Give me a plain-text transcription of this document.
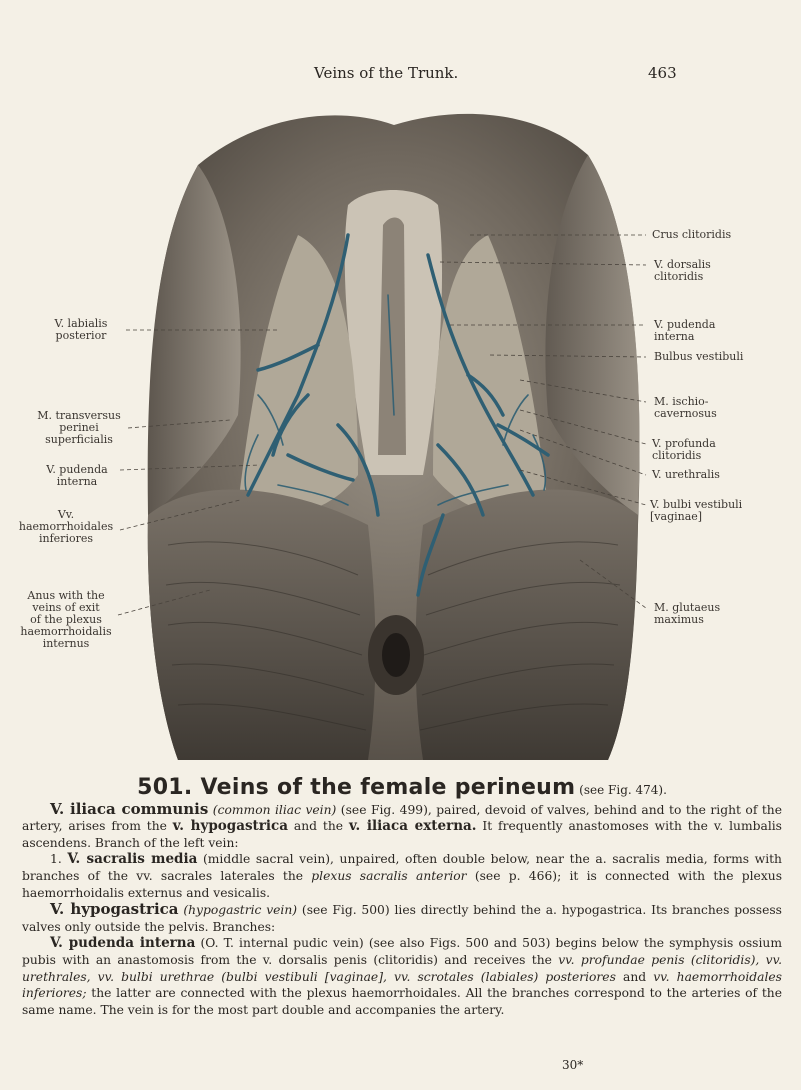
Veins of the Trunk.	463
Crus clitoridis
V. dorsalis
clitoridis
V. pudenda
interna
Bulbus vestibuli
M. ischio-
cavernosus
V. profunda
clitoridis
V. urethralis
V. bulbi vestibuli
[vaginae]
M. glutaeus
maximus
V. labialis
posterior
M. transversus
perinei
superficialis
V. pudenda
interna
Vv.
haemorrhoidales
inferiores
Anus with the
veins of exit
of the plexus
haemorrhoidalis
internus
501. Veins of the female perineum (see Fig. 474).

V. iliaca communis (common iliac vein) (see Fig. 499), paired, devoid of valves, behind and to the right of the artery, arises from the v. hypogastrica and the v. iliaca externa. It frequently anastomoses with the v. lumbalis ascendens. Branch of the left vein:

1. V. sacralis media (middle sacral vein), unpaired, often double below, near the a. sacralis media, forms with branches of the vv. sacrales laterales the plexus sacralis anterior (see p. 466); it is connected with the plexus haemorrhoidalis externus and vesicalis.

V. hypogastrica (hypogastric vein) (see Fig. 500) lies directly behind the a. hypogastrica. Its branches possess valves only outside the pelvis. Branches:

V. pudenda interna (O. T. internal pudic vein) (see also Figs. 500 and 503) begins below the symphysis ossium pubis with an anastomosis from the v. dorsalis penis (clitoridis) and receives the vv. profundae penis (clitoridis), vv. urethrales, vv. bulbi urethrae (bulbi vestibuli [vaginae], vv. scrotales (labiales) posteriores and vv. haemorrhoidales inferiores; the latter are connected with the plexus haemorrhoidales. All the branches correspond to the arteries of the same name. The vein is for the most part double and accompanies the artery.

30*
